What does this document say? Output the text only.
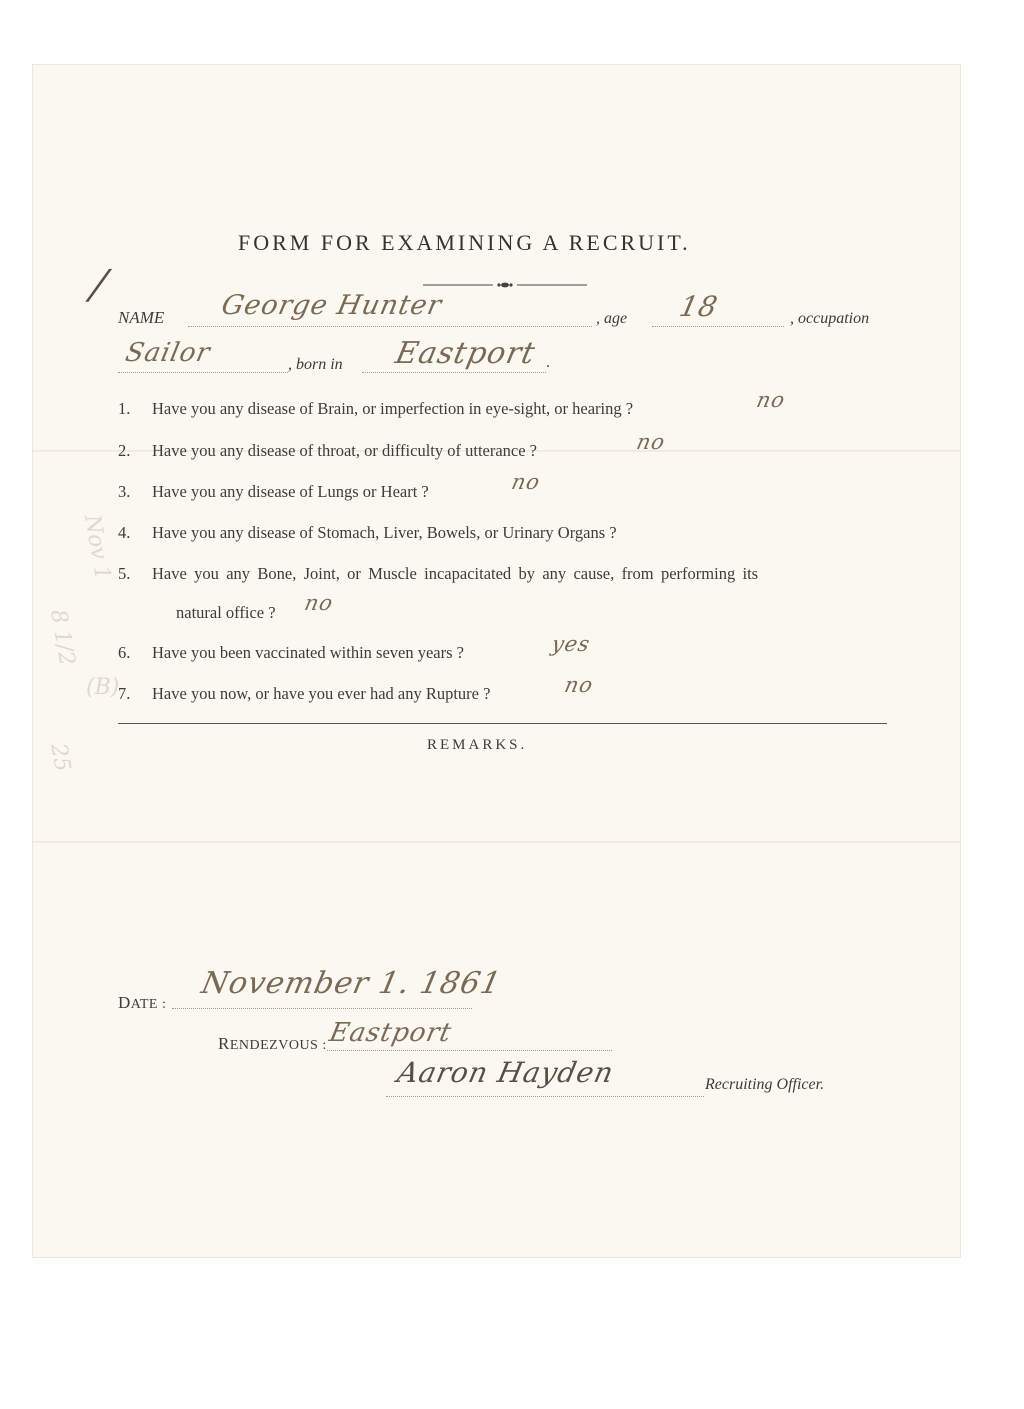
Nov 1
8 1/2
(B)
25
/
FORM FOR EXAMINING A RECRUIT.
NAME George Hunter	, age 18	, occupation
Sailor	, born in Eastport .
1. Have you any disease of Brain, or imperfection in eye-sight, or hearing ?	no
2. Have you any disease of throat, or difficulty of utterance ?	no
3. Have you any disease of Lungs or Heart ?	no
4. Have you any disease of Stomach, Liver, Bowels, or Urinary Organs ?
5. Have you any Bone, Joint, or Muscle incapacitated by any cause, from performing its
natural office ? no
6. Have you been vaccinated within seven years ?	yes
7. Have you now, or have you ever had any Rupture ?	no
REMARKS.
DATE :
November 1. 1861
RENDEZVOUS : Eastport
Aaron Hayden	Recruiting Officer.
